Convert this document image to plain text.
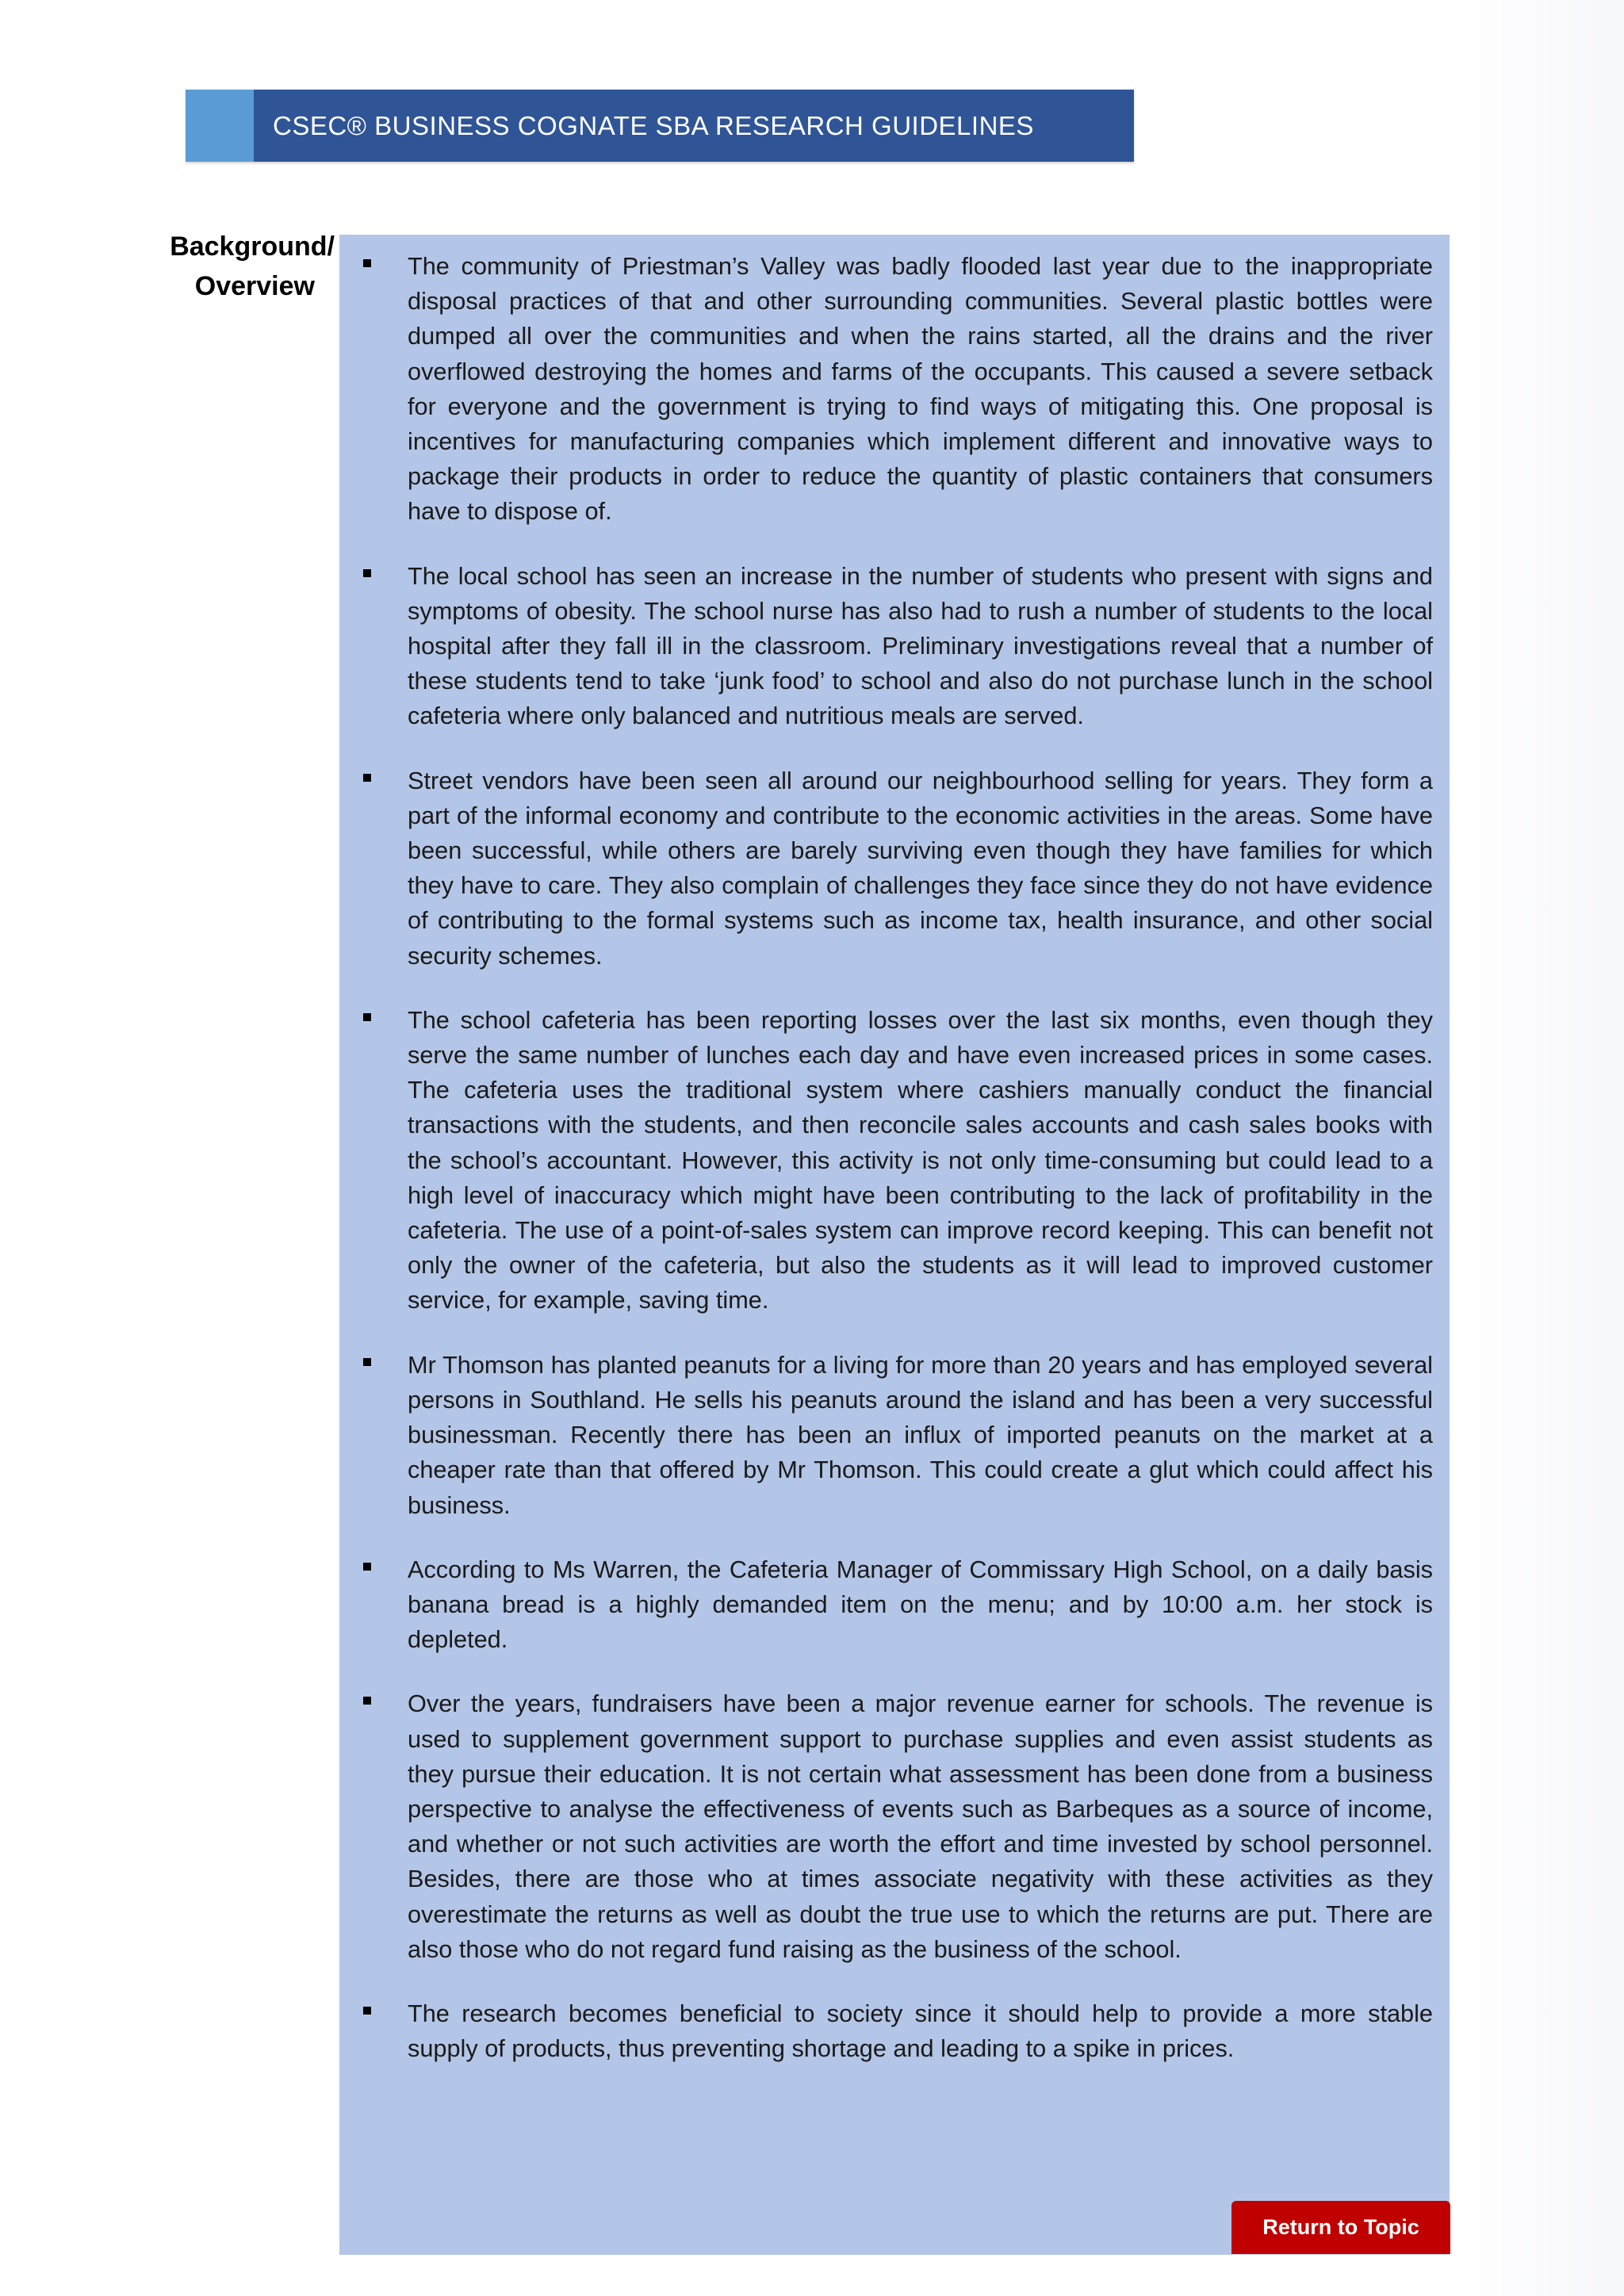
CSEC® BUSINESS COGNATE SBA RESEARCH GUIDELINES
Background/
Overview
The community of Priestman’s Valley was badly flooded last year due to the inappropriate disposal practices of that and other surrounding communities. Several plastic bottles were dumped all over the communities and when the rains started, all the drains and the river overflowed destroying the homes and farms of the occupants. This caused a severe setback for everyone and the government is trying to find ways of mitigating this. One proposal is incentives for manufacturing companies which implement different and innovative ways to package their products in order to reduce the quantity of plastic containers that consumers have to dispose of.
The local school has seen an increase in the number of students who present with signs and symptoms of obesity. The school nurse has also had to rush a number of students to the local hospital after they fall ill in the classroom. Preliminary investigations reveal that a number of these students tend to take ‘junk food’ to school and also do not purchase lunch in the school cafeteria where only balanced and nutritious meals are served.
Street vendors have been seen all around our neighbourhood selling for years. They form a part of the informal economy and contribute to the economic activities in the areas. Some have been successful, while others are barely surviving even though they have families for which they have to care. They also complain of challenges they face since they do not have evidence of contributing to the formal systems such as income tax, health insurance, and other social security schemes.
The school cafeteria has been reporting losses over the last six months, even though they serve the same number of lunches each day and have even increased prices in some cases. The cafeteria uses the traditional system where cashiers manually conduct the financial transactions with the students, and then reconcile sales accounts and cash sales books with the school’s accountant. However, this activity is not only time-consuming but could lead to a high level of inaccuracy which might have been contributing to the lack of profitability in the cafeteria. The use of a point-of-sales system can improve record keeping. This can benefit not only the owner of the cafeteria, but also the students as it will lead to improved customer service, for example, saving time.
Mr Thomson has planted peanuts for a living for more than 20 years and has employed several persons in Southland. He sells his peanuts around the island and has been a very successful businessman. Recently there has been an influx of imported peanuts on the market at a cheaper rate than that offered by Mr Thomson. This could create a glut which could affect his business.
According to Ms Warren, the Cafeteria Manager of Commissary High School, on a daily basis banana bread is a highly demanded item on the menu; and by 10:00 a.m. her stock is depleted.
Over the years, fundraisers have been a major revenue earner for schools. The revenue is used to supplement government support to purchase supplies and even assist students as they pursue their education. It is not certain what assessment has been done from a business perspective to analyse the effectiveness of events such as Barbeques as a source of income, and whether or not such activities are worth the effort and time invested by school personnel. Besides, there are those who at times associate negativity with these activities as they overestimate the returns as well as doubt the true use to which the returns are put. There are also those who do not regard fund raising as the business of the school.
The research becomes beneficial to society since it should help to provide a more stable supply of products, thus preventing shortage and leading to a spike in prices.
Return to Topic
